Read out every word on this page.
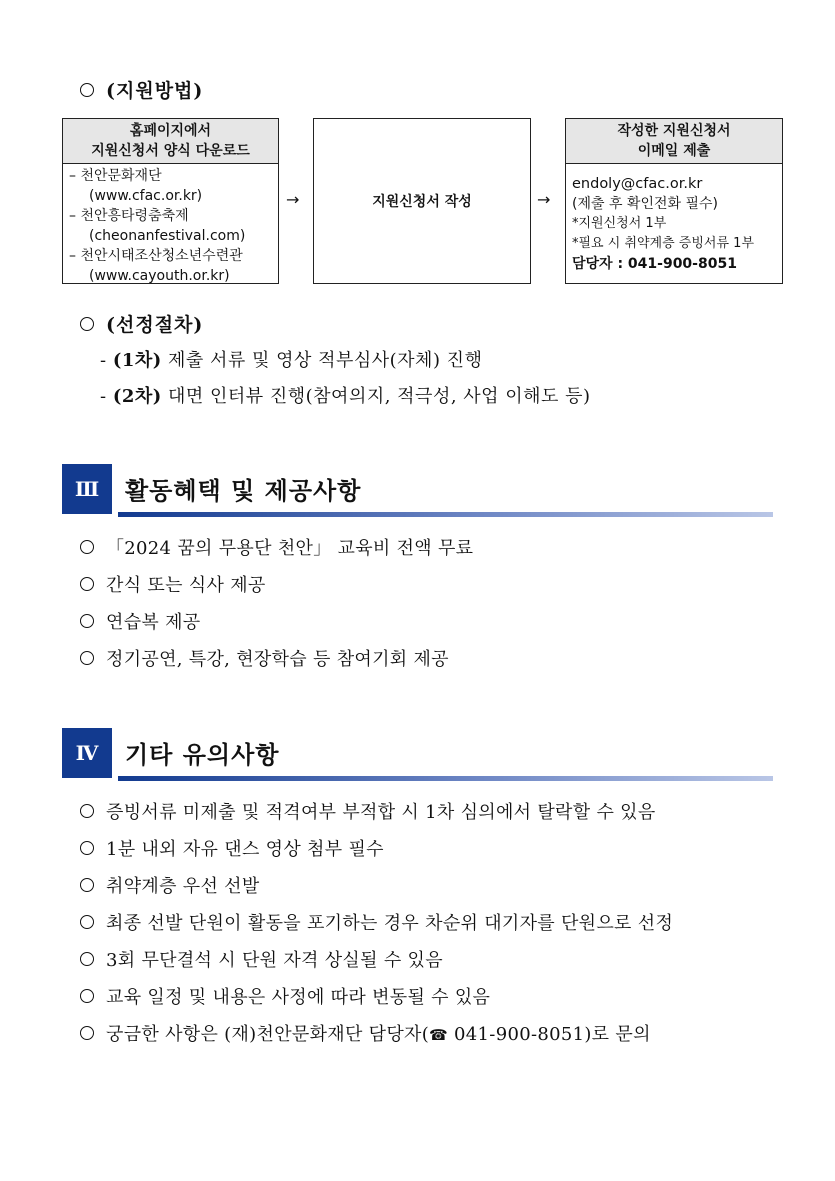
(지원방법)
홈페이지에서
지원신청서 양식 다운로드
– 천안문화재단
(www.cfac.or.kr)
– 천안흥타령춤축제
(cheonanfestival.com)
– 천안시태조산청소년수련관
(www.cayouth.or.kr)
→	지원신청서 작성	→
작성한 지원신청서
이메일 제출
endoly@cfac.or.kr
(제출 후 확인전화 필수)
*지원신청서 1부
*필요 시 취약계층 증빙서류 1부
담당자 : 041-900-8051
(선정절차)
- (1차) 제출 서류 및 영상 적부심사(자체) 진행
- (2차) 대면 인터뷰 진행(참여의지, 적극성, 사업 이해도 등)
Ⅲ	활동혜택 및 제공사항
「2024 꿈의 무용단 천안」 교육비 전액 무료
간식 또는 식사 제공
연습복 제공
정기공연, 특강, 현장학습 등 참여기회 제공
Ⅳ	기타 유의사항
증빙서류 미제출 및 적격여부 부적합 시 1차 심의에서 탈락할 수 있음
1분 내외 자유 댄스 영상 첨부 필수
취약계층 우선 선발
최종 선발 단원이 활동을 포기하는 경우 차순위 대기자를 단원으로 선정
3회 무단결석 시 단원 자격 상실될 수 있음
교육 일정 및 내용은 사정에 따라 변동될 수 있음
궁금한 사항은 (재)천안문화재단 담당자(☎ 041-900-8051)로 문의
